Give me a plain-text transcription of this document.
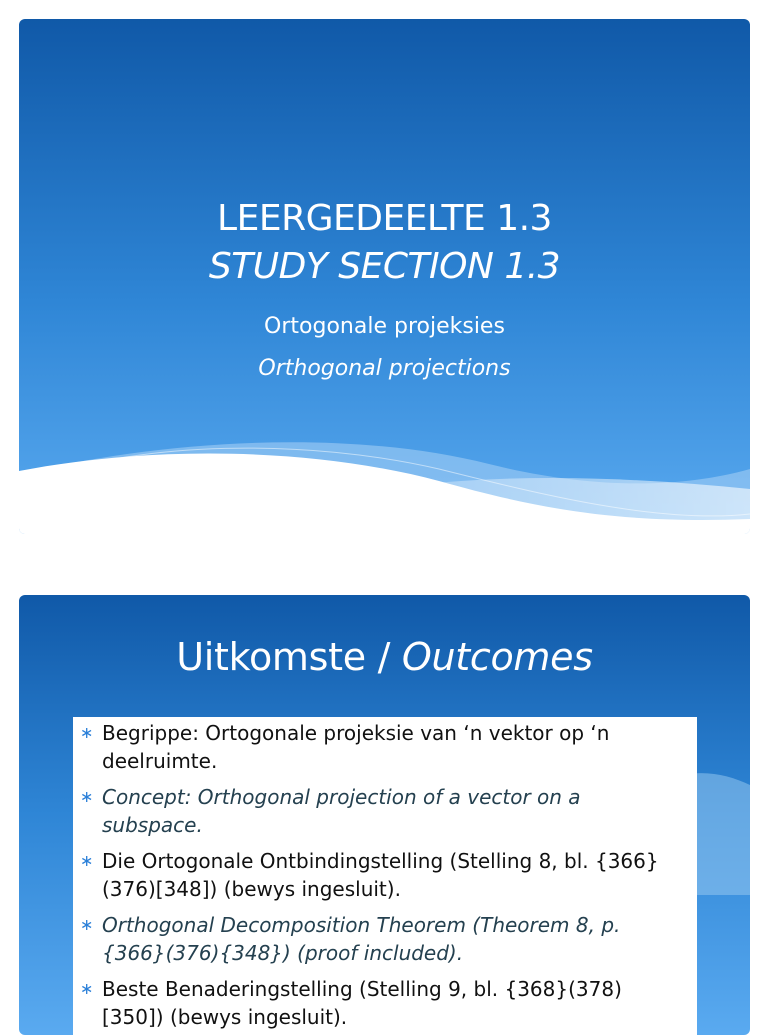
LEERGEDEELTE 1.3
STUDY SECTION 1.3
Ortogonale projeksies
Orthogonal projections
Uitkomste / Outcomes
∗ Begrippe: Ortogonale projeksie van ‘n vektor op ‘n deelruimte.
∗ Concept: Orthogonal projection of a vector on a subspace.
∗ Die Ortogonale Ontbindingstelling (Stelling 8, bl. {366}(376)[348]) (bewys ingesluit).
∗ Orthogonal Decomposition Theorem (Theorem 8, p. {366}(376){348}) (proof included).
∗ Beste Benaderingstelling (Stelling 9, bl. {368}(378)[350]) (bewys ingesluit).
